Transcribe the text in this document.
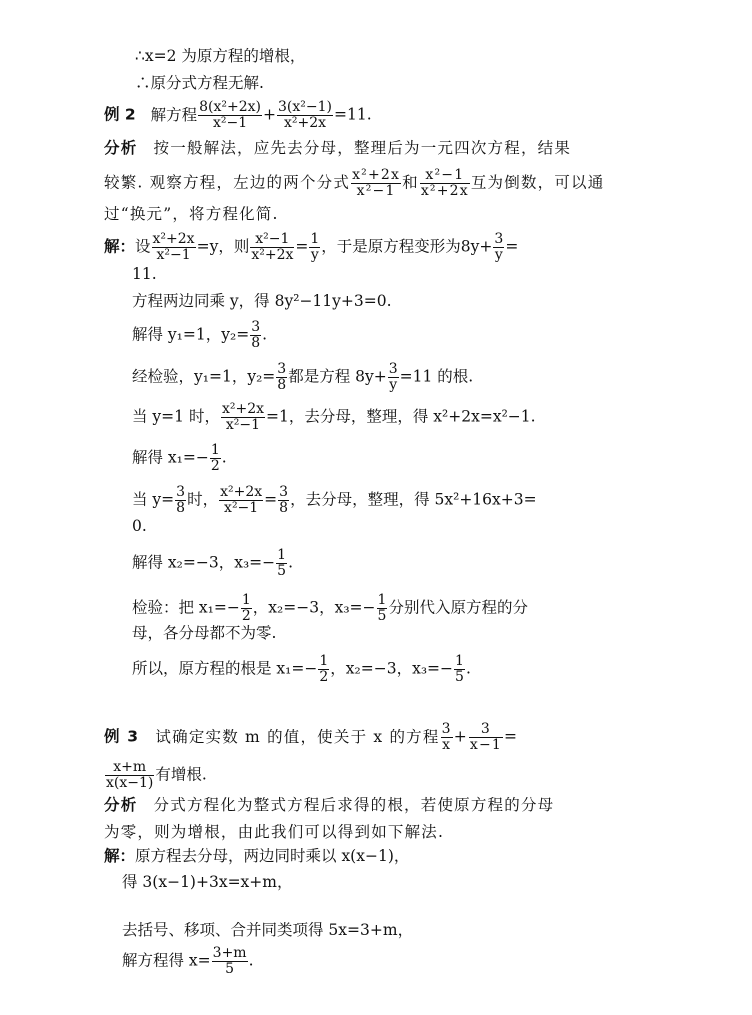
∴x=2 为原方程的增根，
∴原分式方程无解.
例 2 解方程 $\frac{\text{8(x²+2x)}}{\text{x²−1}} + \frac{\text{3(x²−1)}}{\text{x²+2x}} =11$.
分析 按一般解法，应先去分母，整理后为一元四次方程，结果
较繁. 观察方程，左边的两个分式 $\frac{\text{x²+2x}}{\text{x²−1}}$ 和 $\frac{\text{x²−1}}{\text{x²+2x}}$ 互为倒数，可以通
过“换元”，将方程化简.
解：设 $\frac{\text{x²+2x}}{\text{x²−1}} =y$，则 $\frac{\text{x²−1}}{\text{x²+2x}} = \frac{1}{y}$ ，于是原方程变形为$8y+ \frac{3}{y}$ =
11.
方程两边同乘 y，得 8y²−11y+3=0.
解得 y₁=1，$y_2= \frac{3}{8}$ .
经检验，y₁=1，$y_2= \frac{3}{8}$ 都是方程 $8y+ \frac{3}{y} =11$ 的根.
当 y=1 时， $\frac{\text{x²+2x}}{\text{x²−1}} =1$，去分母，整理，得 x²+2x=x²−1.
解得 $x_1=- \frac{1}{2}$ .
当 $y= \frac{3}{8}$ 时， $\frac{\text{x²+2x}}{\text{x²−1}} = \frac{3}{8}$ ，去分母，整理，得 5x²+16x+3=
0.
解得 x₂=−3，$x_3=- \frac{1}{5}$ .
检验：把 $x_1=- \frac{1}{2}$ ，x₂=−3，$x_3=- \frac{1}{5}$ 分别代入原方程的分
母，各分母都不为零.
所以，原方程的根是 $x_1=- \frac{1}{2}$ ，x₂=−3，$x_3=- \frac{1}{5}$ .
例 3 试确定实数 m 的值，使关于 x 的方程 $\frac{3}{x} + \frac{3}{x-1}$ =
$\frac{x+m}{x(x-1)}$ 有增根.
分析 分式方程化为整式方程后求得的根，若使原方程的分母
为零，则为增根，由此我们可以得到如下解法.
解：原方程去分母，两边同时乘以 x(x−1)，
得 3(x−1)+3x=x+m，
去括号、移项、合并同类项得 5x=3+m，
解方程得 $x= \frac{3+m}{5}$ .
